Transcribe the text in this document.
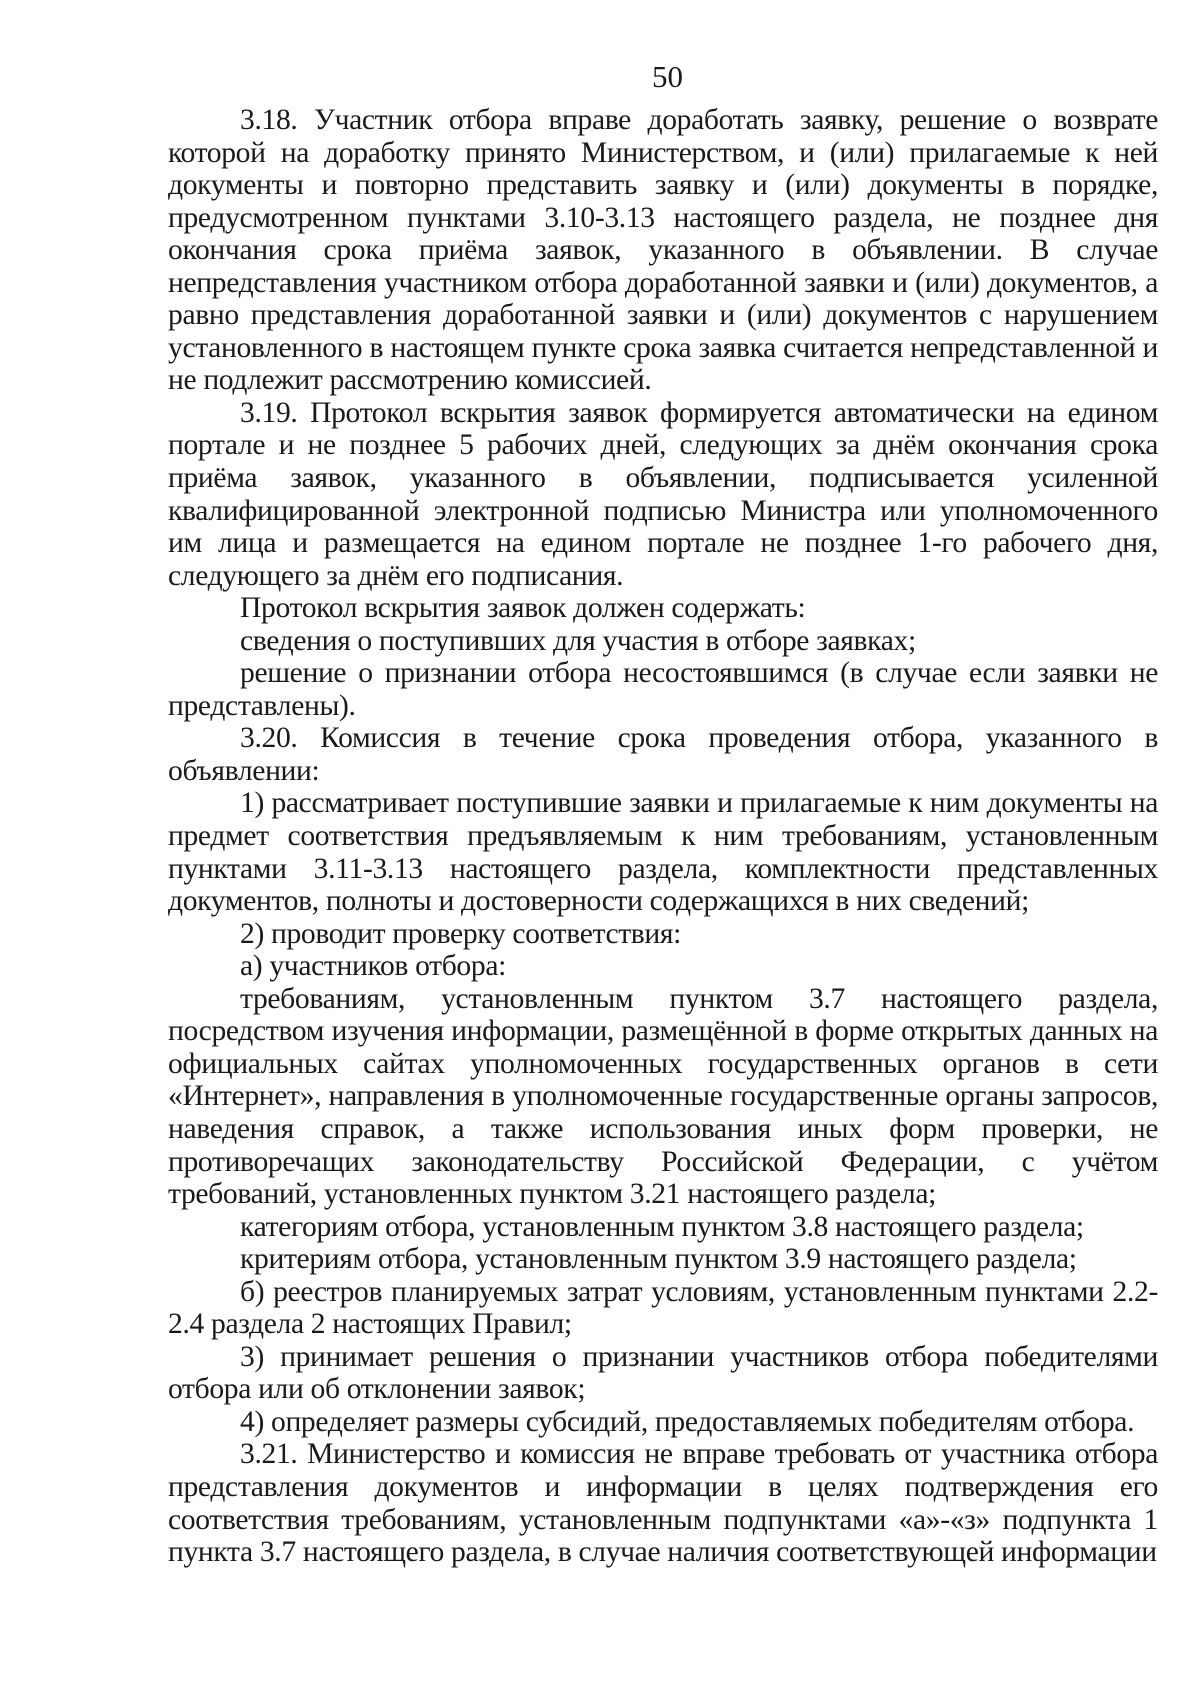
50

3.18. Участник отбора вправе доработать заявку, решение о возврате которой на доработку принято Министерством, и (или) прилагаемые к ней документы и повторно представить заявку и (или) документы в порядке, предусмотренном пунктами 3.10-3.13 настоящего раздела, не позднее дня окончания срока приёма заявок, указанного в объявлении. В случае непредставления участником отбора доработанной заявки и (или) документов, а равно представления доработанной заявки и (или) документов с нарушением установленного в настоящем пункте срока заявка считается непредставленной и не подлежит рассмотрению комиссией.

3.19. Протокол вскрытия заявок формируется автоматически на едином портале и не позднее 5 рабочих дней, следующих за днём окончания срока приёма заявок, указанного в объявлении, подписывается усиленной квалифицированной электронной подписью Министра или уполномоченного им лица и размещается на едином портале не позднее 1-го рабочего дня, следующего за днём его подписания.

Протокол вскрытия заявок должен содержать:

сведения о поступивших для участия в отборе заявках;

решение о признании отбора несостоявшимся (в случае если заявки не представлены).

3.20. Комиссия в течение срока проведения отбора, указанного в объявлении:

1) рассматривает поступившие заявки и прилагаемые к ним документы на предмет соответствия предъявляемым к ним требованиям, установленным пунктами 3.11-3.13 настоящего раздела, комплектности представленных документов, полноты и достоверности содержащихся в них сведений;

2) проводит проверку соответствия:

а) участников отбора:

требованиям, установленным пунктом 3.7 настоящего раздела, посредством изучения информации, размещённой в форме открытых данных на официальных сайтах уполномоченных государственных органов в сети «Интернет», направления в уполномоченные государственные органы запросов, наведения справок, а также использования иных форм проверки, не противоречащих законодательству Российской Федерации, с учётом требований, установленных пунктом 3.21 настоящего раздела;

категориям отбора, установленным пунктом 3.8 настоящего раздела;

критериям отбора, установленным пунктом 3.9 настоящего раздела;

б) реестров планируемых затрат условиям, установленным пунктами 2.2-2.4 раздела 2 настоящих Правил;

3) принимает решения о признании участников отбора победителями отбора или об отклонении заявок;

4) определяет размеры субсидий, предоставляемых победителям отбора.

3.21. Министерство и комиссия не вправе требовать от участника отбора представления документов и информации в целях подтверждения его соответствия требованиям, установленным подпунктами «а»-«з» подпункта 1 пункта 3.7 настоящего раздела, в случае наличия соответствующей информации
